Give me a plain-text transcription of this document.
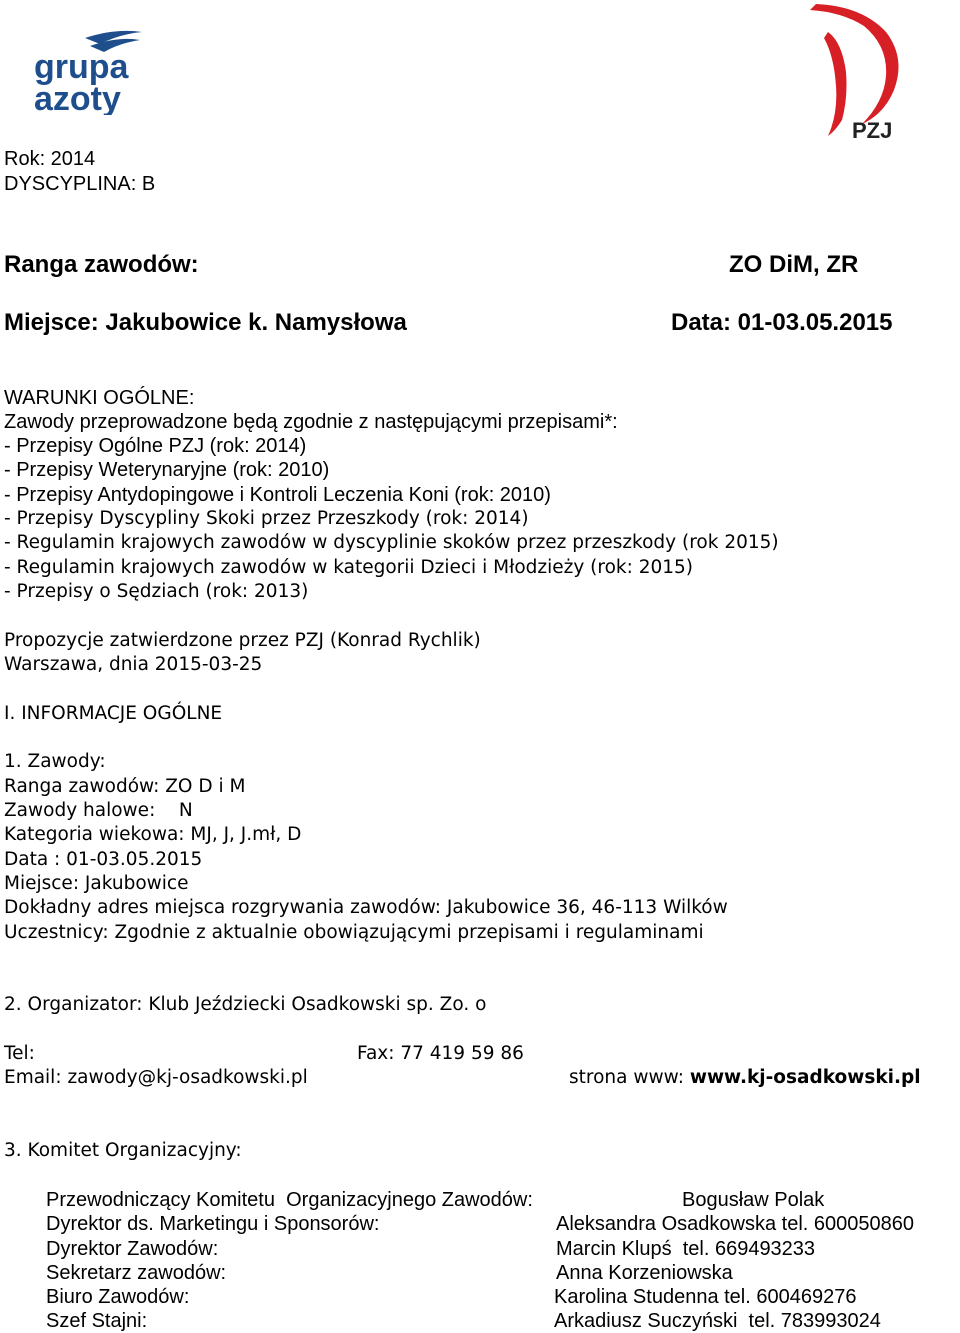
grupa
azoty
PZJ
Rok: 2014
DYSCYPLINA: B
Ranga zawodów:	ZO DiM, ZR
Miejsce: Jakubowice k. Namysłowa	Data: 01-03.05.2015
WARUNKI OGÓLNE:
Zawody przeprowadzone będą zgodnie z następującymi przepisami*:
- Przepisy Ogólne PZJ (rok: 2014)
- Przepisy Weterynaryjne (rok: 2010)
- Przepisy Antydopingowe i Kontroli Leczenia Koni (rok: 2010)
- Przepisy Dyscypliny Skoki przez Przeszkody (rok: 2014)
- Regulamin krajowych zawodów w dyscyplinie skoków przez przeszkody (rok 2015)
- Regulamin krajowych zawodów w kategorii Dzieci i Młodzieży (rok: 2015)
- Przepisy o Sędziach (rok: 2013)
Propozycje zatwierdzone przez PZJ (Konrad Rychlik)
Warszawa, dnia 2015-03-25
I. INFORMACJE OGÓLNE
1. Zawody:
Ranga zawodów: ZO D i M
Zawody halowe:    N
Kategoria wiekowa: MJ, J, J.mł, D
Data : 01-03.05.2015
Miejsce: Jakubowice
Dokładny adres miejsca rozgrywania zawodów: Jakubowice 36, 46-113 Wilków
Uczestnicy: Zgodnie z aktualnie obowiązującymi przepisami i regulaminami
2. Organizator: Klub Jeździecki Osadkowski sp. Zo. o
Tel:	Fax: 77 419 59 86
Email: zawody@kj-osadkowski.pl	strona www: www.kj-osadkowski.pl
3. Komitet Organizacyjny:
Przewodniczący Komitetu  Organizacyjnego Zawodów:	Bogusław Polak
Dyrektor ds. Marketingu i Sponsorów:	Aleksandra Osadkowska tel. 600050860
Dyrektor Zawodów:	Marcin Klupś  tel. 669493233
Sekretarz zawodów:	Anna Korzeniowska
Biuro Zawodów:	Karolina Studenna tel. 600469276
Szef Stajni:	Arkadiusz Suczyński  tel. 783993024
